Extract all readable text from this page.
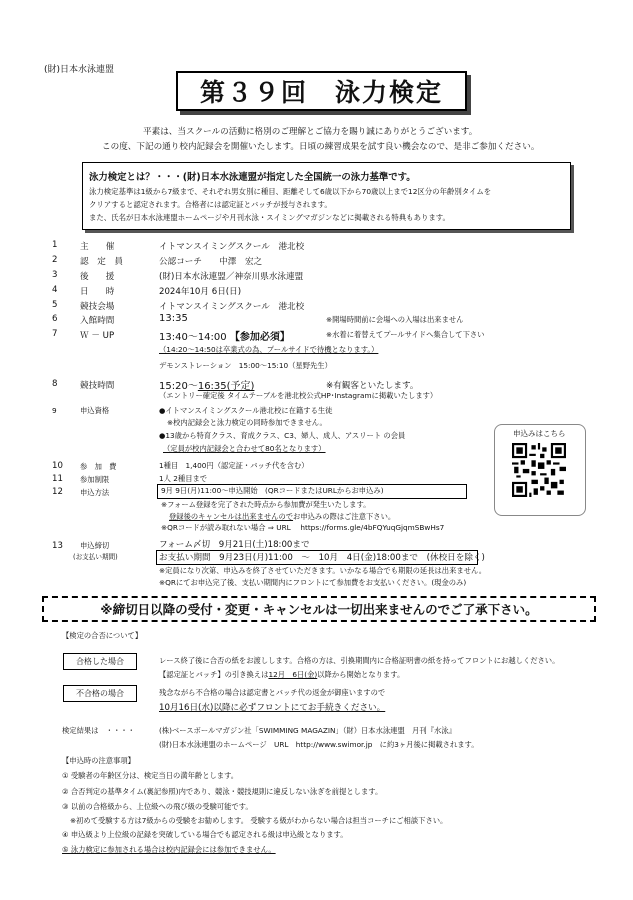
(財)日本水泳連盟
第３９回　泳力検定
平素は、当スクールの活動に格別のご理解とご協力を賜り誠にありがとうございます。
この度、下記の通り校内記録会を開催いたします。日頃の練習成果を試す良い機会なので、是非ご参加ください。
泳力検定とは？・・・(財)日本水泳連盟が指定した全国統一の泳力基準です。
泳力検定基準は1級から7級まで、それぞれ男女別に種目、距離そして6歳以下から70歳以上まで12区分の年齢別タイムを
クリアすると認定されます。合格者には認定証とバッチが授与されます。
また、氏名が日本水泳連盟ホームページや月刊水泳・スイミングマガジンなどに掲載される特典もあります。
1	主　　催	イトマンスイミングスクール　港北校
2	認　定　員	公認コーチ　　中澤　宏之
3	後　　援	(財)日本水泳連盟／神奈川県水泳連盟
4	日　　時	2024年10月 6日(日)
5	競技会場	イトマンスイミングスクール　港北校
6	入館時間	13:35	※開場時間前に会場への入場は出来ません
7	Ｗ － UP	13:40～14:00 【参加必須】	※水着に着替えてプールサイドへ集合して下さい
（14:20～14:50は卒業式の為、プールサイドで待機となります。）
デモンストレーション　15:00～15:10（星野先生）
8	競技時間	15:20～16:35(予定)	※有観客といたします。
（エントリー確定後 タイムテーブルを港北校公式HP･Instagramに掲載いたします）
9	申込資格	●イトマンスイミングスクール港北校に在籍する生徒
※校内記録会と泳力検定の同時参加できません。
●13歳から特育クラス、育成クラス、C3、婦人、成人、アスリート の会員
（定員が校内記録会と合わせて80名となります）
申込みはこちら
10 参　加　費	1種目　1,400円（認定証・バッチ代を含む）
11 参加制限	1人 2種目まで
12 申込方法	9月 9日(月)11:00～申込開始　(QRコードまたはURLからお申込み)
※フォーム登録を完了された時点から参加費が発生いたします。
登録後のキャンセルは出来ませんのでお申込みの際はご注意下さい。
※QRコードが読み取れない場合 ⇒ URL　 https://forms.gle/4bFQYuqGjqmSBwHs7
13 申込締切
(お支払い期間)
フォーム〆切　9月21日(土)18:00まで
お支払い期間　9月23日(月)11:00　～　10月　4日(金)18:00まで　(休校日を除く)
※定員になり次第、申込みを終了させていただきます。いかなる場合でも期限の延長は出来ません。
※QRにてお申込完了後、支払い期間内にフロントにて参加費をお支払いください。(現金のみ)
※締切日以降の受付・変更・キャンセルは一切出来ませんのでご了承下さい。
【検定の合否について】
合格した場合	レース終了後に合否の紙をお渡しします。合格の方は、引換期間内に合格証明書の紙を持ってフロントにお越しください。
【認定証とバッチ】の引き換えは12月　6日(金)以降から開始となります。
不合格の場合	残念ながら不合格の場合は認定書とバッチ代の返金が御座いますので
10月16日(水)以降に必ずフロントにてお手続きください。
検定結果は　・・・・	(株)ベースボールマガジン社「SWIMMING MAGAZIN」（財）日本水泳連盟　月刊『水泳』
(財)日本水泳連盟のホームページ　URL　http://www.swimor.jp　に約3ヶ月後に掲載されます。
【申込時の注意事項】
① 受験者の年齢区分は、検定当日の満年齢とします。
② 合否判定の基準タイム(裏記参照)内であり、競泳・競技規則に違反しない泳ぎを前提とします。
③ 以前の合格級から、上位級への飛び級の受験可能です。
※初めて受験する方は7級からの受験をお勧めします。 受験する級がわからない場合は担当コーチにご相談下さい。
④ 申込級より上位級の記録を突破している場合でも認定される級は申込級となります。
⑤ 泳力検定に参加される場合は校内記録会には参加できません。
